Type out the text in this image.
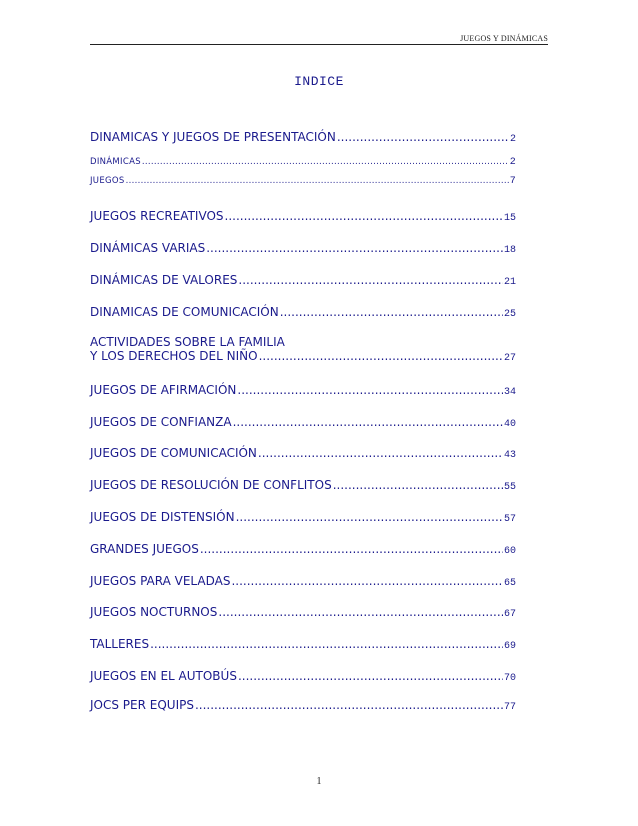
JUEGOS Y DINÁMICAS
INDICE
DINAMICAS Y JUEGOS DE PRESENTACIÓN .....	2
DINÁMICAS .....	2
JUEGOS .....	7
JUEGOS RECREATIVOS .....	15
DINÁMICAS VARIAS .....	18
DINÁMICAS DE VALORES .....	21
DINAMICAS DE COMUNICACIÓN .....	25
ACTIVIDADES SOBRE LA FAMILIA
Y LOS DERECHOS DEL NIÑO .....	27
JUEGOS DE AFIRMACIÓN .....	34
JUEGOS DE CONFIANZA .....	40
JUEGOS DE COMUNICACIÓN .....	43
JUEGOS DE RESOLUCIÓN DE CONFLITOS .....	55
JUEGOS DE DISTENSIÓN .....	57
GRANDES JUEGOS .....	60
JUEGOS PARA VELADAS .....	65
JUEGOS NOCTURNOS .....	67
TALLERES .....	69
JUEGOS EN EL AUTOBÚS .....	70
JOCS PER EQUIPS .....	77
1
